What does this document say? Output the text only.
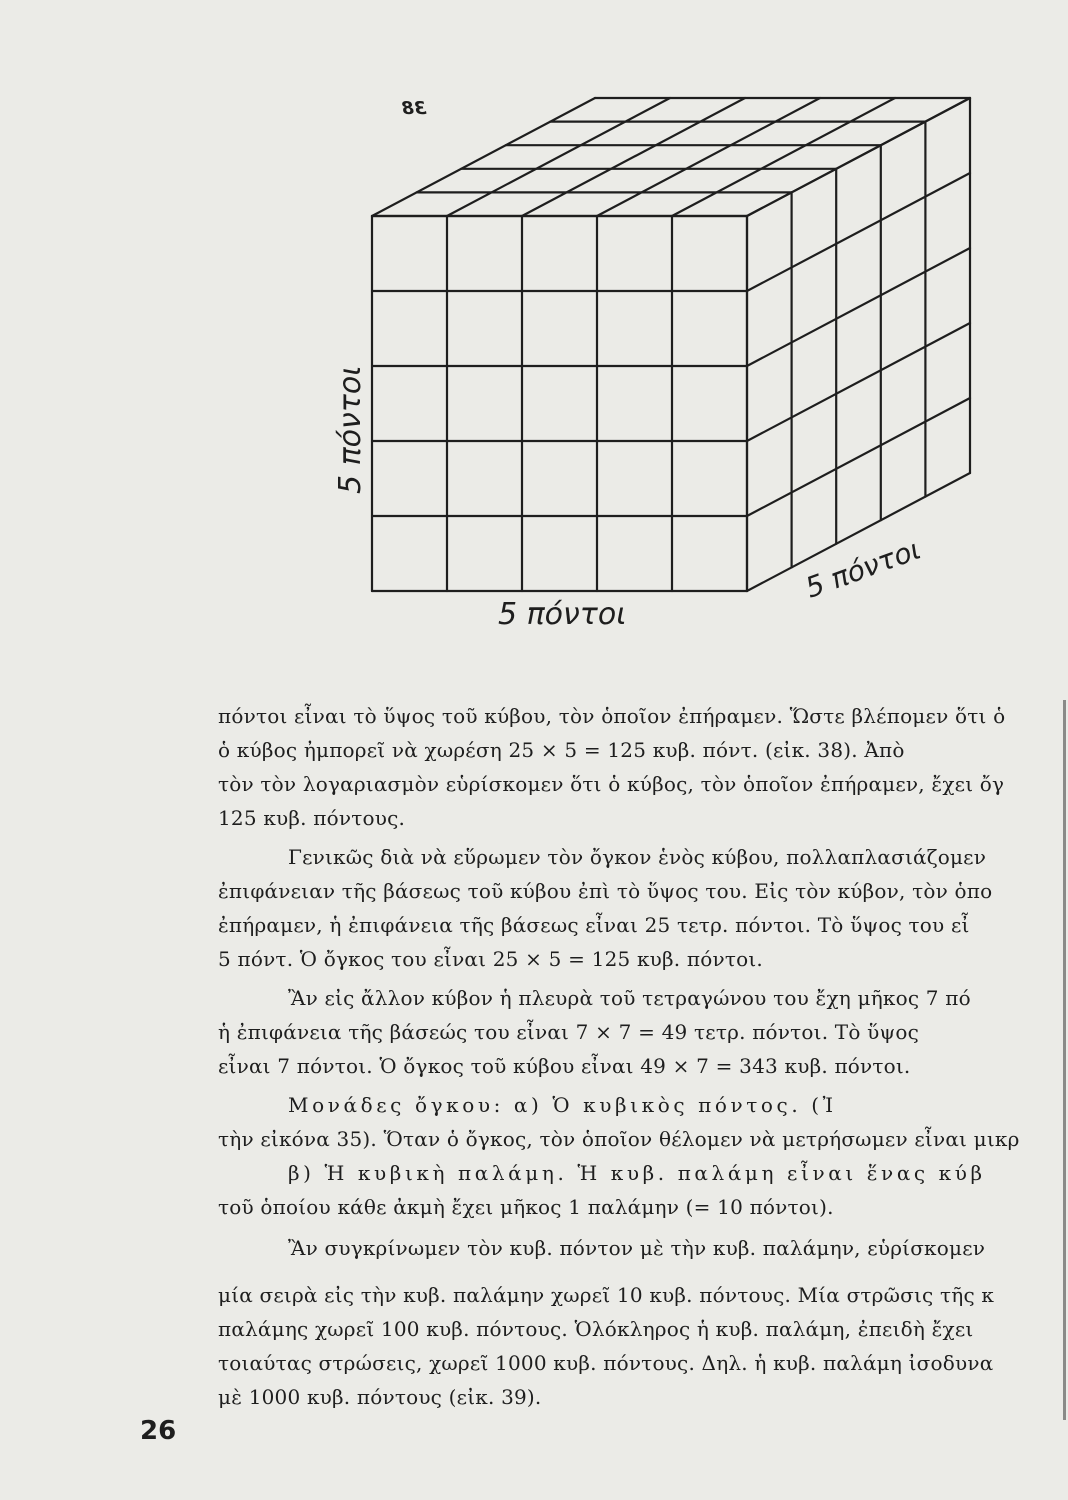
38
5 πόντοι
5 πόντοι
5 πόντοι
πόντοι εἶναι τὸ ὕψος τοῦ κύβου, τὸν ὁποῖον ἐπήραμεν. Ὥστε βλέπομεν ὅτι ὁ
ὁ κύβος ἠμπορεῖ νὰ χωρέση 25 × 5 = 125 κυβ. πόντ. (εἰκ. 38). Ἀπὸ
τὸν τὸν λογαριασμὸν εὑρίσκομεν ὅτι ὁ κύβος, τὸν ὁποῖον ἐπήραμεν, ἔχει ὄγ
125 κυβ. πόντους.
Γενικῶς διὰ νὰ εὕρωμεν τὸν ὄγκον ἑνὸς κύβου, πολλαπλασιάζομεν
ἐπιφάνειαν τῆς βάσεως τοῦ κύβου ἐπὶ τὸ ὕψος του. Εἰς τὸν κύβον, τὸν ὁπο
ἐπήραμεν, ἡ ἐπιφάνεια τῆς βάσεως εἶναι 25 τετρ. πόντοι. Τὸ ὕψος του εἶ
5 πόντ. Ὁ ὄγκος του εἶναι 25 × 5 = 125 κυβ. πόντοι.
Ἂν εἰς ἄλλον κύβον ἡ πλευρὰ τοῦ τετραγώνου του ἔχη μῆκος 7 πό
ἡ ἐπιφάνεια τῆς βάσεώς του εἶναι 7 × 7 = 49 τετρ. πόντοι. Τὸ ὕψος
εἶναι 7 πόντοι. Ὁ ὄγκος τοῦ κύβου εἶναι 49 × 7 = 343 κυβ. πόντοι.
Μονάδες ὄγκου: α) Ὁ κυβικὸς πόντος. (Ἰ
τὴν εἰκόνα 35). Ὅταν ὁ ὄγκος, τὸν ὁποῖον θέλομεν νὰ μετρήσωμεν εἶναι μικρ
β) Ἡ κυβικὴ παλάμη. Ἡ κυβ. παλάμη εἶναι ἕνας κύβ
τοῦ ὁποίου κάθε ἀκμὴ ἔχει μῆκος 1 παλάμην (= 10 πόντοι).
Ἂν συγκρίνωμεν τὸν κυβ. πόντον μὲ τὴν κυβ. παλάμην, εὑρίσκομεν
μία σειρὰ εἰς τὴν κυβ. παλάμην χωρεῖ 10 κυβ. πόντους. Μία στρῶσις τῆς κ
παλάμης χωρεῖ 100 κυβ. πόντους. Ὁλόκληρος ἡ κυβ. παλάμη, ἐπειδὴ ἔχει
τοιαύτας στρώσεις, χωρεῖ 1000 κυβ. πόντους. Δηλ. ἡ κυβ. παλάμη ἰσοδυνα
μὲ 1000 κυβ. πόντους (εἰκ. 39).
26
